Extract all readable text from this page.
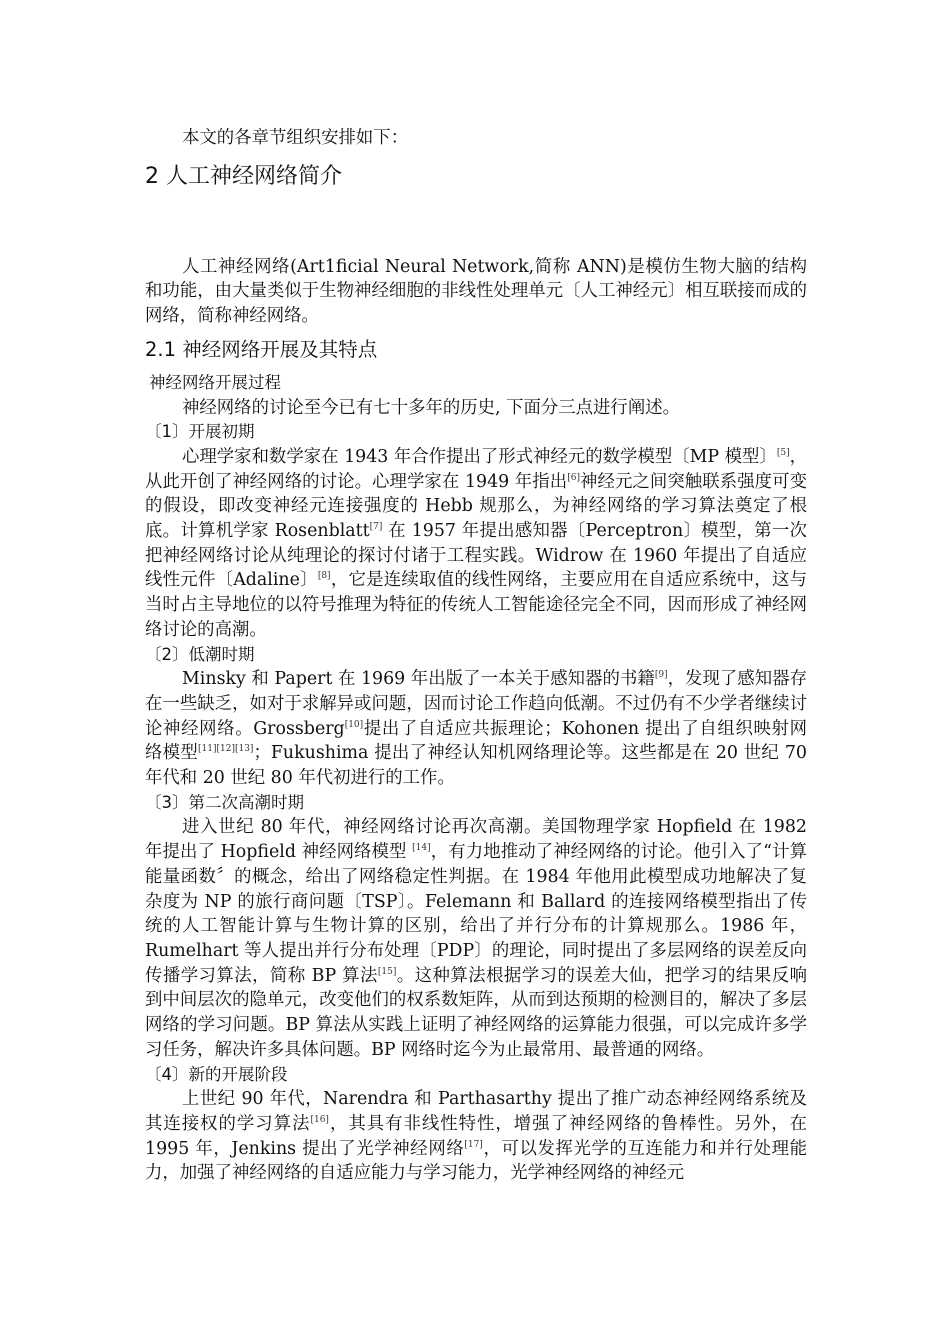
本文的各章节组织安排如下：

2 人工神经网络简介

人工神经网络(Art1ficial Neural Network,简称 ANN)是模仿生物大脑的结构和功能，由大量类似于生物神经细胞的非线性处理单元〔人工神经元〕相互联接而成的网络，简称神经网络。

2.1 神经网络开展及其特点
神经网络开展过程

神经网络的讨论至今已有七十多年的历史, 下面分三点进行阐述。

〔1〕开展初期

心理学家和数学家在 1943 年合作提出了形式神经元的数学模型〔MP 模型〕[5]，从此开创了神经网络的讨论。心理学家在 1949 年指出[6]神经元之间突触联系强度可变的假设，即改变神经元连接强度的 Hebb 规那么，为神经网络的学习算法奠定了根底。计算机学家 Rosenblatt[7] 在 1957 年提出感知器〔Perceptron〕模型，第一次把神经网络讨论从纯理论的探讨付诸于工程实践。Widrow 在 1960 年提出了自适应线性元件〔Adaline〕[8]，它是连续取值的线性网络，主要应用在自适应系统中，这与当时占主导地位的以符号推理为特征的传统人工智能途径完全不同，因而形成了神经网络讨论的高潮。

〔2〕低潮时期

Minsky 和 Papert 在 1969 年出版了一本关于感知器的书籍[9]，发现了感知器存在一些缺乏，如对于求解异或问题，因而讨论工作趋向低潮。不过仍有不少学者继续讨论神经网络。Grossberg[10]提出了自适应共振理论；Kohonen 提出了自组织映射网络模型[11][12][13]；Fukushima 提出了神经认知机网络理论等。这些都是在 20 世纪 70 年代和 20 世纪 80 年代初进行的工作。

〔3〕第二次高潮时期

进入世纪 80 年代，神经网络讨论再次高潮。美国物理学家 Hopfield 在 1982 年提出了 Hopfield 神经网络模型 [14]，有力地推动了神经网络的讨论。他引入了“计算能量函数〞的概念，给出了网络稳定性判据。在 1984 年他用此模型成功地解决了复杂度为 NP 的旅行商问题〔TSP〕。Felemann 和 Ballard 的连接网络模型指出了传统的人工智能计算与生物计算的区别，给出了并行分布的计算规那么。1986 年，Rumelhart 等人提出并行分布处理〔PDP〕的理论，同时提出了多层网络的误差反向传播学习算法，简称 BP 算法[15]。这种算法根据学习的误差大仙，把学习的结果反响到中间层次的隐单元，改变他们的权系数矩阵，从而到达预期的检测目的，解决了多层网络的学习问题。BP 算法从实践上证明了神经网络的运算能力很强，可以完成许多学习任务，解决许多具体问题。BP 网络时迄今为止最常用、最普通的网络。

〔4〕新的开展阶段

上世纪 90 年代，Narendra 和 Parthasarthy 提出了推广动态神经网络系统及其连接权的学习算法[16]，其具有非线性特性，增强了神经网络的鲁棒性。另外，在 1995 年，Jenkins 提出了光学神经网络[17]，可以发挥光学的互连能力和并行处理能力，加强了神经网络的自适应能力与学习能力，光学神经网络的神经元
